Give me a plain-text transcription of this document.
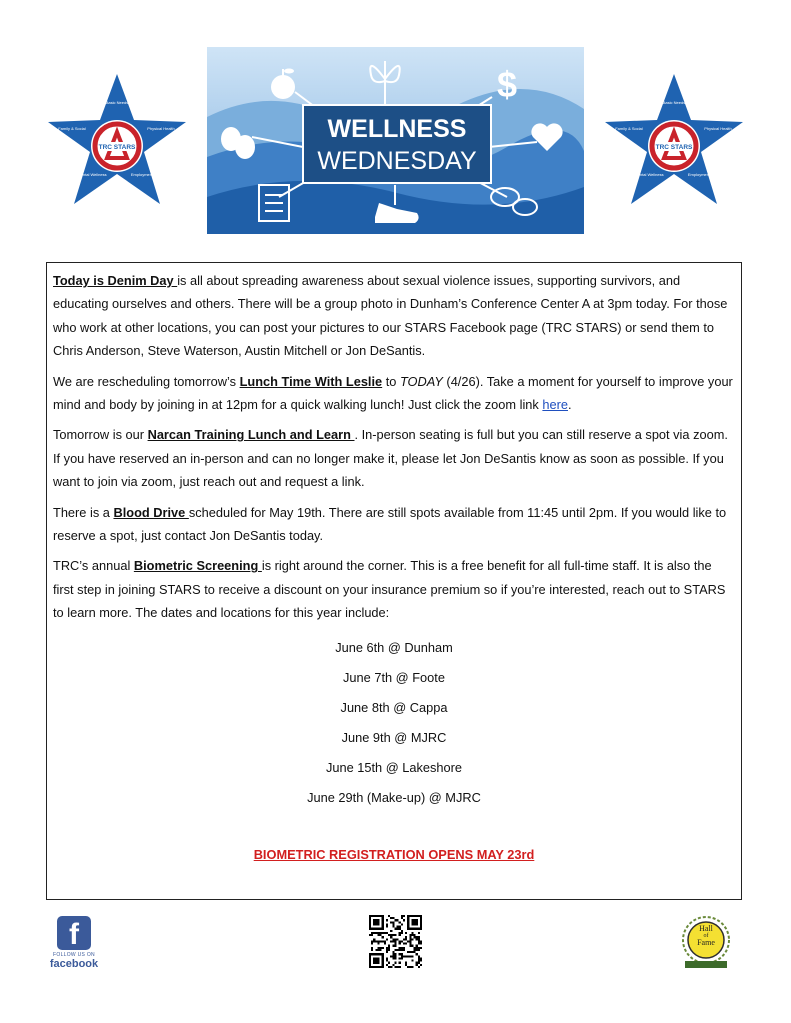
TRC STARS
Basic Needs
Family & Social	Physical Health
Mental Wellness	Employment
WELLNESS
WEDNESDAY
$
TRC STARS
Basic Needs
Family & Social	Physical Health
Mental Wellness	Employment

Today is Denim Day is all about spreading awareness about sexual violence issues, supporting survivors, and educating ourselves and others. There will be a group photo in Dunham’s Conference Center A at 3pm today. For those who work at other locations, you can post your pictures to our STARS Facebook page (TRC STARS) or send them to Chris Anderson, Steve Waterson, Austin Mitchell or Jon DeSantis.

We are rescheduling tomorrow’s Lunch Time With Leslie to TODAY (4/26). Take a moment for yourself to improve your mind and body by joining in at 12pm for a quick walking lunch! Just click the zoom link here.

Tomorrow is our Narcan Training Lunch and Learn . In-person seating is full but you can still reserve a spot via zoom. If you have reserved an in-person and can no longer make it, please let Jon DeSantis know as soon as possible. If you want to join via zoom, just reach out and request a link.

There is a Blood Drive scheduled for May 19th. There are still spots available from 11:45 until 2pm. If you would like to reserve a spot, just contact Jon DeSantis today.

TRC’s annual Biometric Screening is right around the corner. This is a free benefit for all full-time staff. It is also the first step in joining STARS to receive a discount on your insurance premium so if you’re interested, reach out to STARS to learn more. The dates and locations for this year include:

June 6th @ Dunham
June 7th @ Foote
June 8th @ Cappa
June 9th @ MJRC
June 15th @ Lakeshore
June 29th (Make-up) @ MJRC
BIOMETRIC REGISTRATION OPENS MAY 23rd
f
FOLLOW US ON
facebook
Hall
of
Fame
